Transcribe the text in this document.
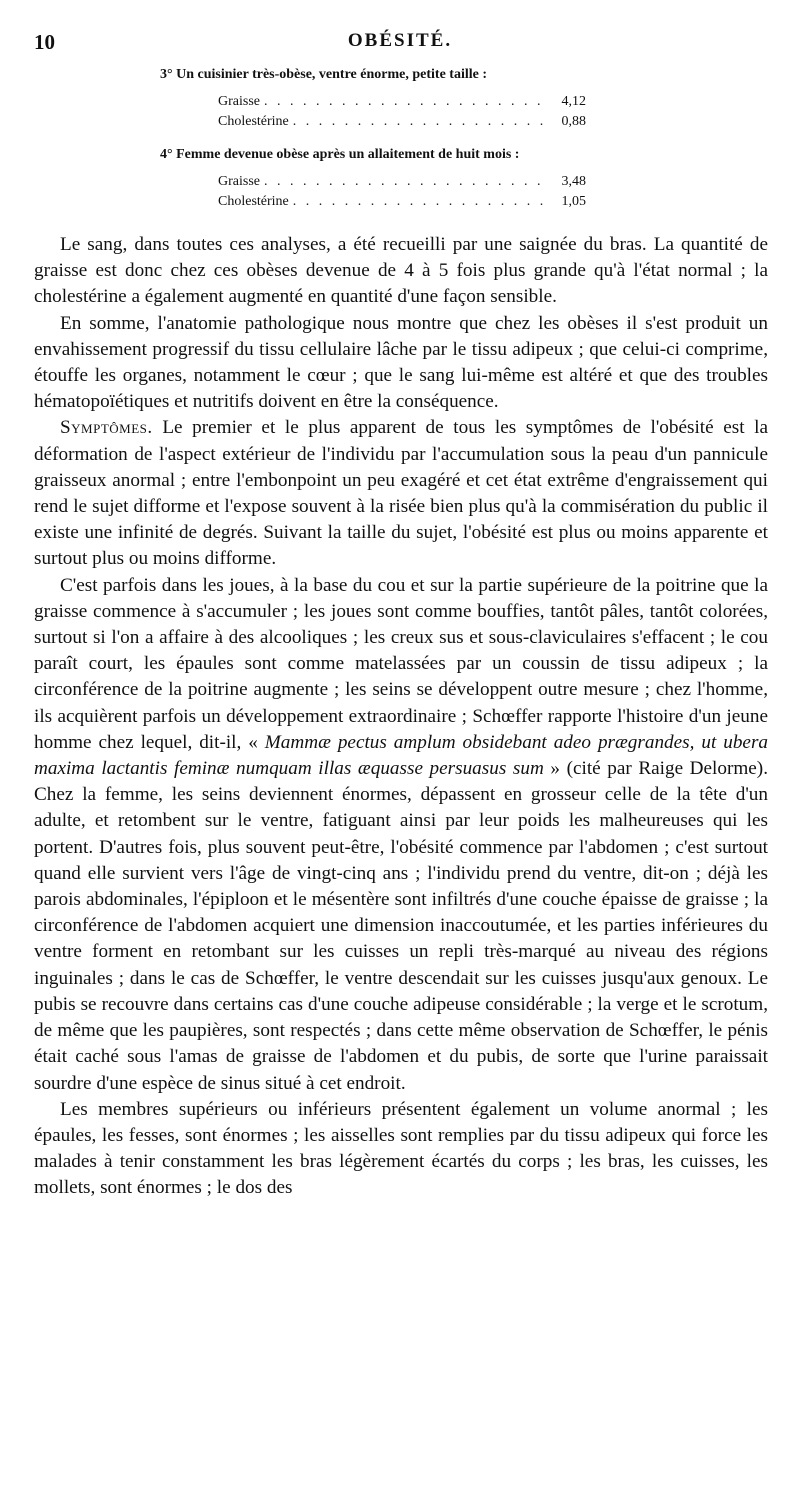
10	OBÉSITÉ.
3° Un cuisinier très-obèse, ventre énorme, petite taille :
Graisse . . .	4,12
Cholestérine . . .	0,88
4° Femme devenue obèse après un allaitement de huit mois :
Graisse . . .	3,48
Cholestérine . . .	1,05

Le sang, dans toutes ces analyses, a été recueilli par une saignée du bras. La quantité de graisse est donc chez ces obèses devenue de 4 à 5 fois plus grande qu'à l'état normal ; la cholestérine a également augmenté en quantité d'une façon sensible.

En somme, l'anatomie pathologique nous montre que chez les obèses il s'est produit un envahissement progressif du tissu cellulaire lâche par le tissu adipeux ; que celui-ci comprime, étouffe les organes, notamment le cœur ; que le sang lui-même est altéré et que des troubles hématopoïétiques et nutritifs doivent en être la conséquence.

Symptômes. Le premier et le plus apparent de tous les symptômes de l'obésité est la déformation de l'aspect extérieur de l'individu par l'accumulation sous la peau d'un pannicule graisseux anormal ; entre l'embonpoint un peu exagéré et cet état extrême d'engraissement qui rend le sujet difforme et l'expose souvent à la risée bien plus qu'à la commisération du public il existe une infinité de degrés. Suivant la taille du sujet, l'obésité est plus ou moins apparente et surtout plus ou moins difforme.

C'est parfois dans les joues, à la base du cou et sur la partie supérieure de la poitrine que la graisse commence à s'accumuler ; les joues sont comme bouffies, tantôt pâles, tantôt colorées, surtout si l'on a affaire à des alcooliques ; les creux sus et sous-claviculaires s'effacent ; le cou paraît court, les épaules sont comme matelassées par un coussin de tissu adipeux ; la circonférence de la poitrine augmente ; les seins se développent outre mesure ; chez l'homme, ils acquièrent parfois un développement extraordinaire ; Schœffer rapporte l'histoire d'un jeune homme chez lequel, dit-il, « Mammæ pectus amplum obsidebant adeo prægrandes, ut ubera maxima lactantis feminæ numquam illas æquasse persuasus sum » (cité par Raige Delorme). Chez la femme, les seins deviennent énormes, dépassent en grosseur celle de la tête d'un adulte, et retombent sur le ventre, fatiguant ainsi par leur poids les malheureuses qui les portent. D'autres fois, plus souvent peut-être, l'obésité commence par l'abdomen ; c'est surtout quand elle survient vers l'âge de vingt-cinq ans ; l'individu prend du ventre, dit-on ; déjà les parois abdominales, l'épiploon et le mésentère sont infiltrés d'une couche épaisse de graisse ; la circonférence de l'abdomen acquiert une dimension inaccoutumée, et les parties inférieures du ventre forment en retombant sur les cuisses un repli très-marqué au niveau des régions inguinales ; dans le cas de Schœffer, le ventre descendait sur les cuisses jusqu'aux genoux. Le pubis se recouvre dans certains cas d'une couche adipeuse considérable ; la verge et le scrotum, de même que les paupières, sont respectés ; dans cette même observation de Schœffer, le pénis était caché sous l'amas de graisse de l'abdomen et du pubis, de sorte que l'urine paraissait sourdre d'une espèce de sinus situé à cet endroit.

Les membres supérieurs ou inférieurs présentent également un volume anormal ; les épaules, les fesses, sont énormes ; les aisselles sont remplies par du tissu adipeux qui force les malades à tenir constamment les bras légèrement écartés du corps ; les bras, les cuisses, les mollets, sont énormes ; le dos des
